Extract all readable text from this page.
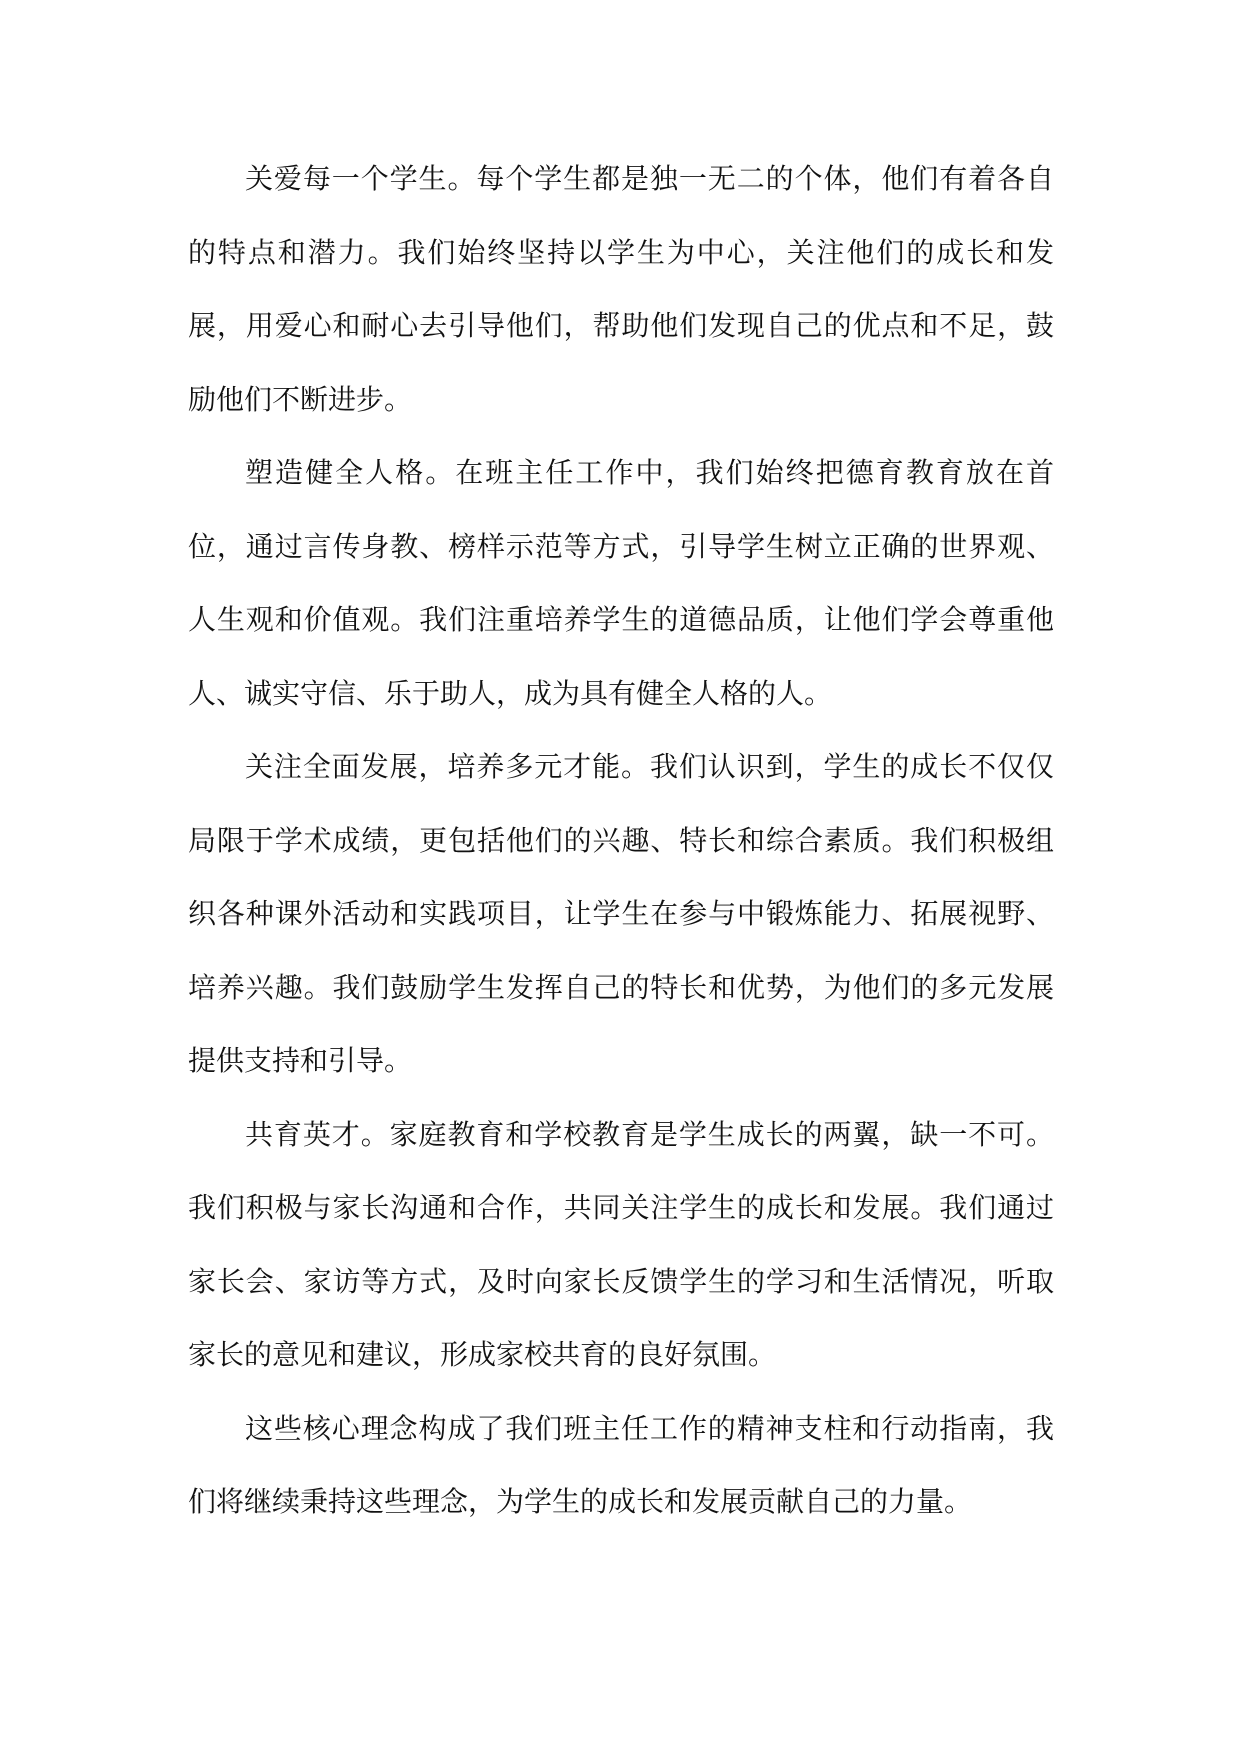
关爱每一个学生。每个学生都是独一无二的个体，他们有着各自的特点和潜力。我们始终坚持以学生为中心，关注他们的成长和发展，用爱心和耐心去引导他们，帮助他们发现自己的优点和不足，鼓励他们不断进步。

塑造健全人格。在班主任工作中，我们始终把德育教育放在首位，通过言传身教、榜样示范等方式，引导学生树立正确的世界观、人生观和价值观。我们注重培养学生的道德品质，让他们学会尊重他人、诚实守信、乐于助人，成为具有健全人格的人。

关注全面发展，培养多元才能。我们认识到，学生的成长不仅仅局限于学术成绩，更包括他们的兴趣、特长和综合素质。我们积极组织各种课外活动和实践项目，让学生在参与中锻炼能力、拓展视野、培养兴趣。我们鼓励学生发挥自己的特长和优势，为他们的多元发展提供支持和引导。

共育英才。家庭教育和学校教育是学生成长的两翼，缺一不可。我们积极与家长沟通和合作，共同关注学生的成长和发展。我们通过家长会、家访等方式，及时向家长反馈学生的学习和生活情况，听取家长的意见和建议，形成家校共育的良好氛围。

这些核心理念构成了我们班主任工作的精神支柱和行动指南，我们将继续秉持这些理念，为学生的成长和发展贡献自己的力量。
